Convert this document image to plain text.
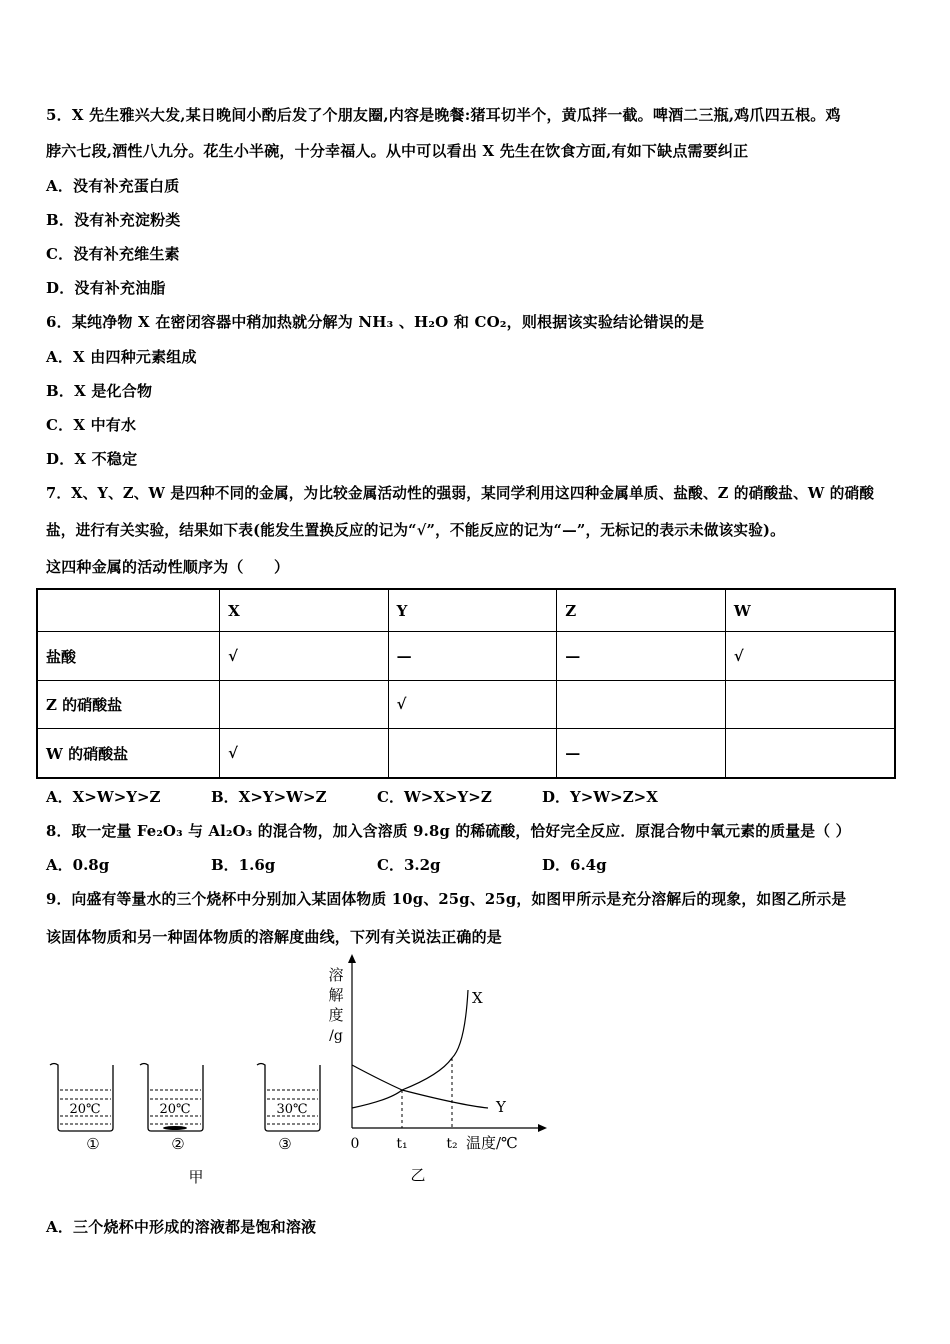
5．X 先生雅兴大发,某日晚间小酌后发了个朋友圈,内容是晚餐:猪耳切半个，黄瓜拌一截。啤酒二三瓶,鸡爪四五根。鸡
脖六七段,酒性八九分。花生小半碗，十分幸福人。从中可以看出 X 先生在饮食方面,有如下缺点需要纠正
A．没有补充蛋白质
B．没有补充淀粉类
C．没有补充维生素
D．没有补充油脂
6．某纯净物 X 在密闭容器中稍加热就分解为 NH₃ 、H₂O 和 CO₂，则根据该实验结论错误的是
A．X 由四种元素组成
B．X 是化合物
C．X 中有水
D．X 不稳定
7．X、Y、Z、W 是四种不同的金属，为比较金属活动性的强弱，某同学利用这四种金属单质、盐酸、Z 的硝酸盐、W 的硝酸
盐，进行有关实验，结果如下表(能发生置换反应的记为“√”，不能反应的记为“—”，无标记的表示未做该实验)。
这四种金属的活动性顺序为（　　）
	X	Y	Z	W
盐酸	√	—	—	√
Z 的硝酸盐		√		
W 的硝酸盐	√		—	
A．X>W>Y>Z	B．X>Y>W>Z	C．W>X>Y>Z	D．Y>W>Z>X
8．取一定量 Fe₂O₃ 与 Al₂O₃ 的混合物，加入含溶质 9.8g 的稀硫酸，恰好完全反应．原混合物中氧元素的质量是（ ）
A．0.8g	B．1.6g	C．3.2g	D．6.4g
9．向盛有等量水的三个烧杯中分别加入某固体物质 10g、25g、25g，如图甲所示是充分溶解后的现象，如图乙所示是
该固体物质和另一种固体物质的溶解度曲线，下列有关说法正确的是
20℃
①
20℃
②
30℃
③
甲
溶
解
度
/g
X
Y
0	t₁	t₂ 温度/℃
乙
A．三个烧杯中形成的溶液都是饱和溶液
